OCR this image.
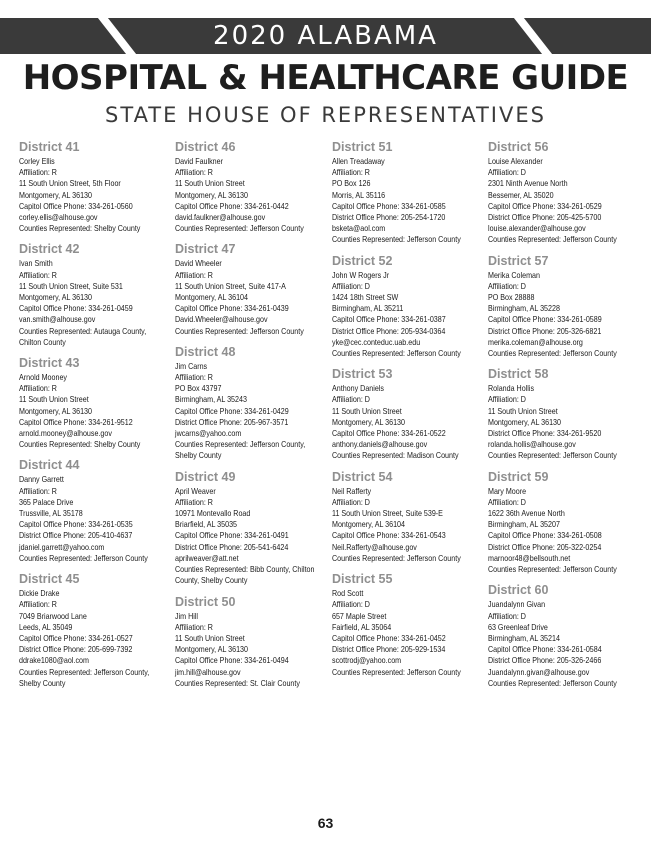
2020 ALABAMA
HOSPITAL & HEALTHCARE GUIDE
STATE HOUSE OF REPRESENTATIVES
District 41
Corley Ellis
Affiliation: R
11 South Union Street, 5th Floor
Montgomery, AL 36130
Capitol Office Phone: 334-261-0560
corley.ellis@alhouse.gov
Counties Represented: Shelby County
District 42
Ivan Smith
Affiliation: R
11 South Union Street, Suite 531
Montgomery, AL 36130
Capitol Office Phone: 334-261-0459
van.smith@alhouse.gov
Counties Represented: Autauga County, Chilton County
District 43
Arnold Mooney
Affiliation: R
11 South Union Street
Montgomery, AL 36130
Capitol Office Phone: 334-261-9512
arnold.mooney@alhouse.gov
Counties Represented: Shelby County
District 44
Danny Garrett
Affiliation: R
365 Palace Drive
Trussville, AL 35178
Capitol Office Phone: 334-261-0535
District Office Phone: 205-410-4637
jdaniel.garrett@yahoo.com
Counties Represented: Jefferson County
District 45
Dickie Drake
Affiliation: R
7049 Briarwood Lane
Leeds, AL 35049
Capitol Office Phone: 334-261-0527
District Office Phone: 205-699-7392
ddrake1080@aol.com
Counties Represented: Jefferson County, Shelby County
District 46
David Faulkner
Affiliation: R
11 South Union Street
Montgomery, AL 36130
Capitol Office Phone: 334-261-0442
david.faulkner@alhouse.gov
Counties Represented: Jefferson County
District 47
David Wheeler
Affiliation: R
11 South Union Street, Suite 417-A
Montgomery, AL 36104
Capitol Office Phone: 334-261-0439
David.Wheeler@alhouse.gov
Counties Represented: Jefferson County
District 48
Jim Carns
Affiliation: R
PO Box 43797
Birmingham, AL 35243
Capitol Office Phone: 334-261-0429
District Office Phone: 205-967-3571
jwcarns@yahoo.com
Counties Represented: Jefferson County, Shelby County
District 49
April Weaver
Affiliation: R
10971 Montevallo Road
Briarfield, AL 35035
Capitol Office Phone: 334-261-0491
District Office Phone: 205-541-6424
aprilweaver@att.net
Counties Represented: Bibb County, Chilton County, Shelby County
District 50
Jim Hill
Affiliation: R
11 South Union Street
Montgomery, AL 36130
Capitol Office Phone: 334-261-0494
jim.hill@alhouse.gov
Counties Represented: St. Clair County
District 51
Allen Treadaway
Affiliation: R
PO Box 126
Morris, AL 35116
Capitol Office Phone: 334-261-0585
District Office Phone: 205-254-1720
bsketa@aol.com
Counties Represented: Jefferson County
District 52
John W Rogers Jr
Affiliation: D
1424 18th Street SW
Birmingham, AL 35211
Capitol Office Phone: 334-261-0387
District Office Phone: 205-934-0364
yke@cec.conteduc.uab.edu
Counties Represented: Jefferson County
District 53
Anthony Daniels
Affiliation: D
11 South Union Street
Montgomery, AL 36130
Capitol Office Phone: 334-261-0522
anthony.daniels@alhouse.gov
Counties Represented: Madison County
District 54
Neil Rafferty
Affiliation: D
11 South Union Street, Suite 539-E
Montgomery, AL 36104
Capitol Office Phone: 334-261-0543
Neil.Rafferty@alhouse.gov
Counties Represented: Jefferson County
District 55
Rod Scott
Affiliation: D
657 Maple Street
Fairfield, AL 35064
Capitol Office Phone: 334-261-0452
District Office Phone: 205-929-1534
scottrodj@yahoo.com
Counties Represented: Jefferson County
District 56
Louise Alexander
Affiliation: D
2301 Ninth Avenue North
Bessemer, AL 35020
Capitol Office Phone: 334-261-0529
District Office Phone: 205-425-5700
louise.alexander@alhouse.gov
Counties Represented: Jefferson County
District 57
Merika Coleman
Affiliation: D
PO Box 28888
Birmingham, AL 35228
Capitol Office Phone: 334-261-0589
District Office Phone: 205-326-6821
merika.coleman@alhouse.org
Counties Represented: Jefferson County
District 58
Rolanda Hollis
Affiliation: D
11 South Union Street
Montgomery, AL 36130
District Office Phone: 334-261-9520
rolanda.hollis@alhouse.gov
Counties Represented: Jefferson County
District 59
Mary Moore
Affiliation: D
1622 36th Avenue North
Birmingham, AL 35207
Capitol Office Phone: 334-261-0508
District Office Phone: 205-322-0254
marnoor48@bellsouth.net
Counties Represented: Jefferson County
District 60
Juandalynn Givan
Affiliation: D
63 Greenleaf Drive
Birmingham, AL 35214
Capitol Office Phone: 334-261-0584
District Office Phone: 205-326-2466
Juandalynn.givan@alhouse.gov
Counties Represented: Jefferson County
63
